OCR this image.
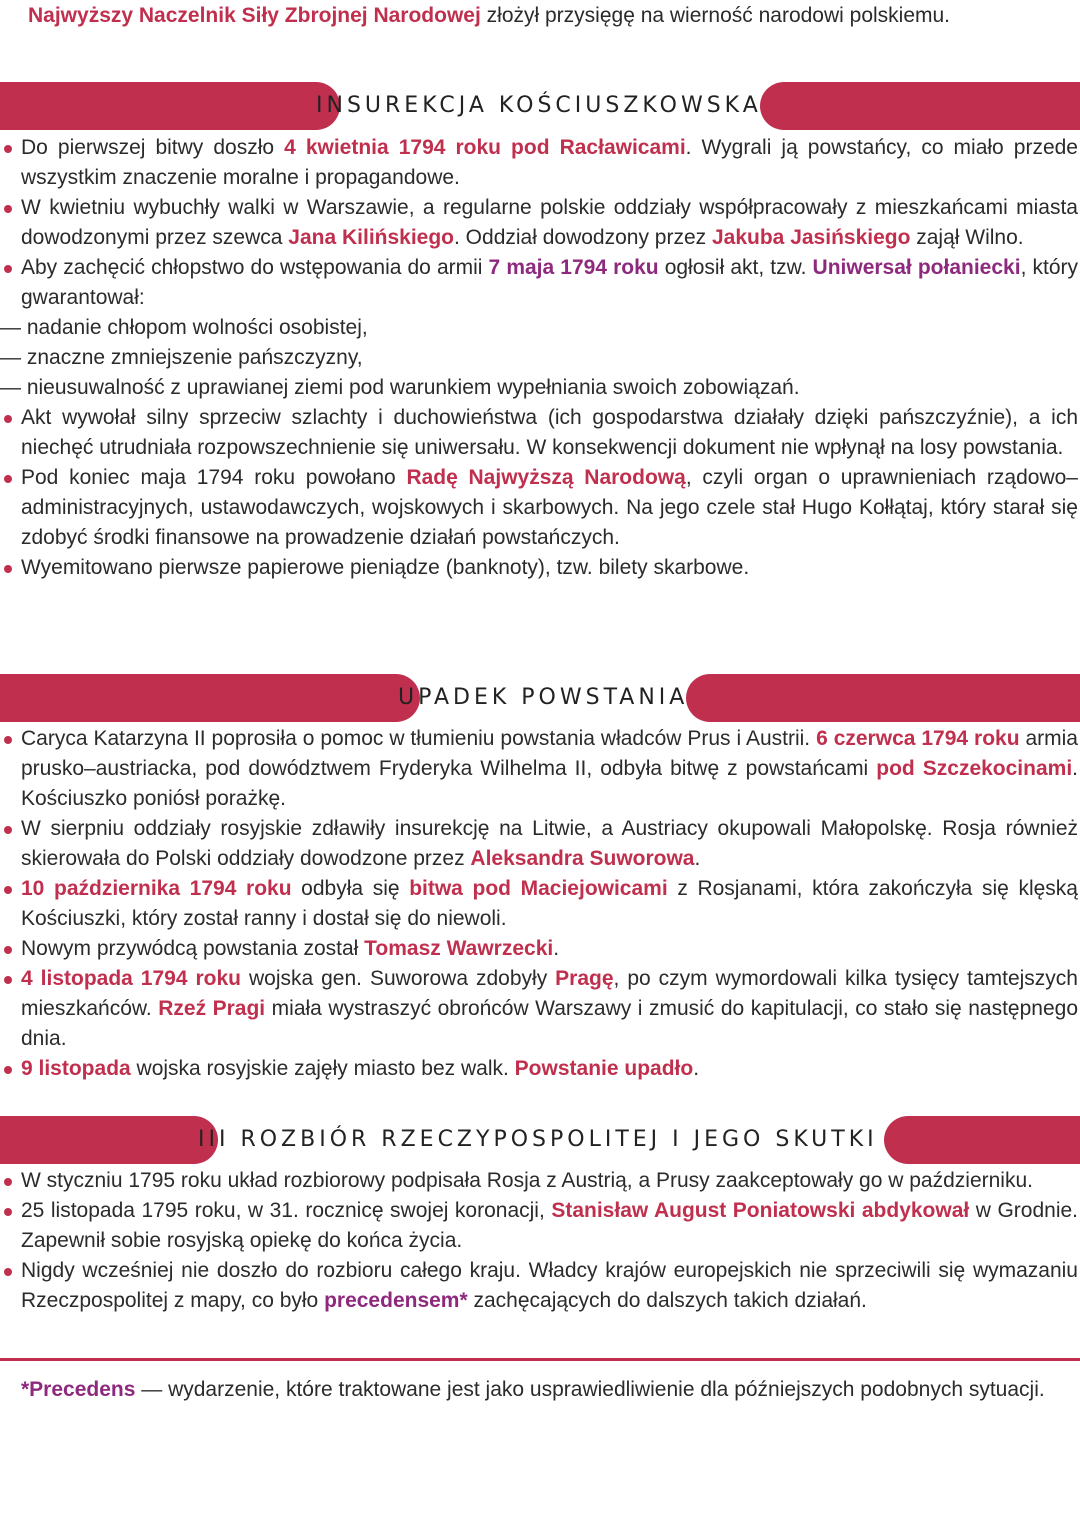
Najwyższy Naczelnik Siły Zbrojnej Narodowej złożył przysięgę na wierność narodowi polskiemu.

INSUREKCJA KOŚCIUSZKOWSKA
Do pierwszej bitwy doszło 4 kwietnia 1794 roku pod Racławicami. Wygrali ją powstańcy, co miało przede wszystkim znaczenie moralne i propagandowe.
W kwietniu wybuchły walki w Warszawie, a regularne polskie oddziały współpracowały z mieszkańcami miasta dowodzonymi przez szewca Jana Kilińskiego. Oddział dowodzony przez Jakuba Jasińskiego zajął Wilno.
Aby zachęcić chłopstwo do wstępowania do armii 7 maja 1794 roku ogłosił akt, tzw. Uniwersał połaniecki, który gwarantował:
— nadanie chłopom wolności osobistej,
— znaczne zmniejszenie pańszczyzny,
— nieusuwalność z uprawianej ziemi pod warunkiem wypełniania swoich zobowiązań.
Akt wywołał silny sprzeciw szlachty i duchowieństwa (ich gospodarstwa działały dzięki pańszczyźnie), a ich niechęć utrudniała rozpowszechnienie się uniwersału. W konsekwencji dokument nie wpłynął na losy powstania.
Pod koniec maja 1794 roku powołano Radę Najwyższą Narodową, czyli organ o uprawnieniach rządowo–administracyjnych, ustawodawczych, wojskowych i skarbowych. Na jego czele stał Hugo Kołłątaj, który starał się zdobyć środki finansowe na prowadzenie działań powstańczych.
Wyemitowano pierwsze papierowe pieniądze (banknoty), tzw. bilety skarbowe.
UPADEK POWSTANIA
Caryca Katarzyna II poprosiła o pomoc w tłumieniu powstania władców Prus i Austrii. 6 czerwca 1794 roku armia prusko–austriacka, pod dowództwem Fryderyka Wilhelma II, odbyła bitwę z powstańcami pod Szczekocinami. Kościuszko poniósł porażkę.
W sierpniu oddziały rosyjskie zdławiły insurekcję na Litwie, a Austriacy okupowali Małopolskę. Rosja również skierowała do Polski oddziały dowodzone przez Aleksandra Suworowa.
10 października 1794 roku odbyła się bitwa pod Maciejowicami z Rosjanami, która zakończyła się klęską Kościuszki, który został ranny i dostał się do niewoli.
Nowym przywódcą powstania został Tomasz Wawrzecki.
4 listopada 1794 roku wojska gen. Suworowa zdobyły Pragę, po czym wymordowali kilka tysięcy tamtejszych mieszkańców. Rzeź Pragi miała wystraszyć obrońców Warszawy i zmusić do kapitulacji, co stało się następnego dnia.
9 listopada wojska rosyjskie zajęły miasto bez walk. Powstanie upadło.
III ROZBIÓR RZECZYPOSPOLITEJ I JEGO SKUTKI
W styczniu 1795 roku układ rozbiorowy podpisała Rosja z Austrią, a Prusy zaakceptowały go w październiku.
25 listopada 1795 roku, w 31. rocznicę swojej koronacji, Stanisław August Poniatowski abdykował w Grodnie. Zapewnił sobie rosyjską opiekę do końca życia.
Nigdy wcześniej nie doszło do rozbioru całego kraju. Władcy krajów europejskich nie sprzeciwili się wymazaniu Rzeczpospolitej z mapy, co było precedensem* zachęcających do dalszych takich działań.

*Precedens — wydarzenie, które traktowane jest jako usprawiedliwienie dla późniejszych podobnych sytuacji.
